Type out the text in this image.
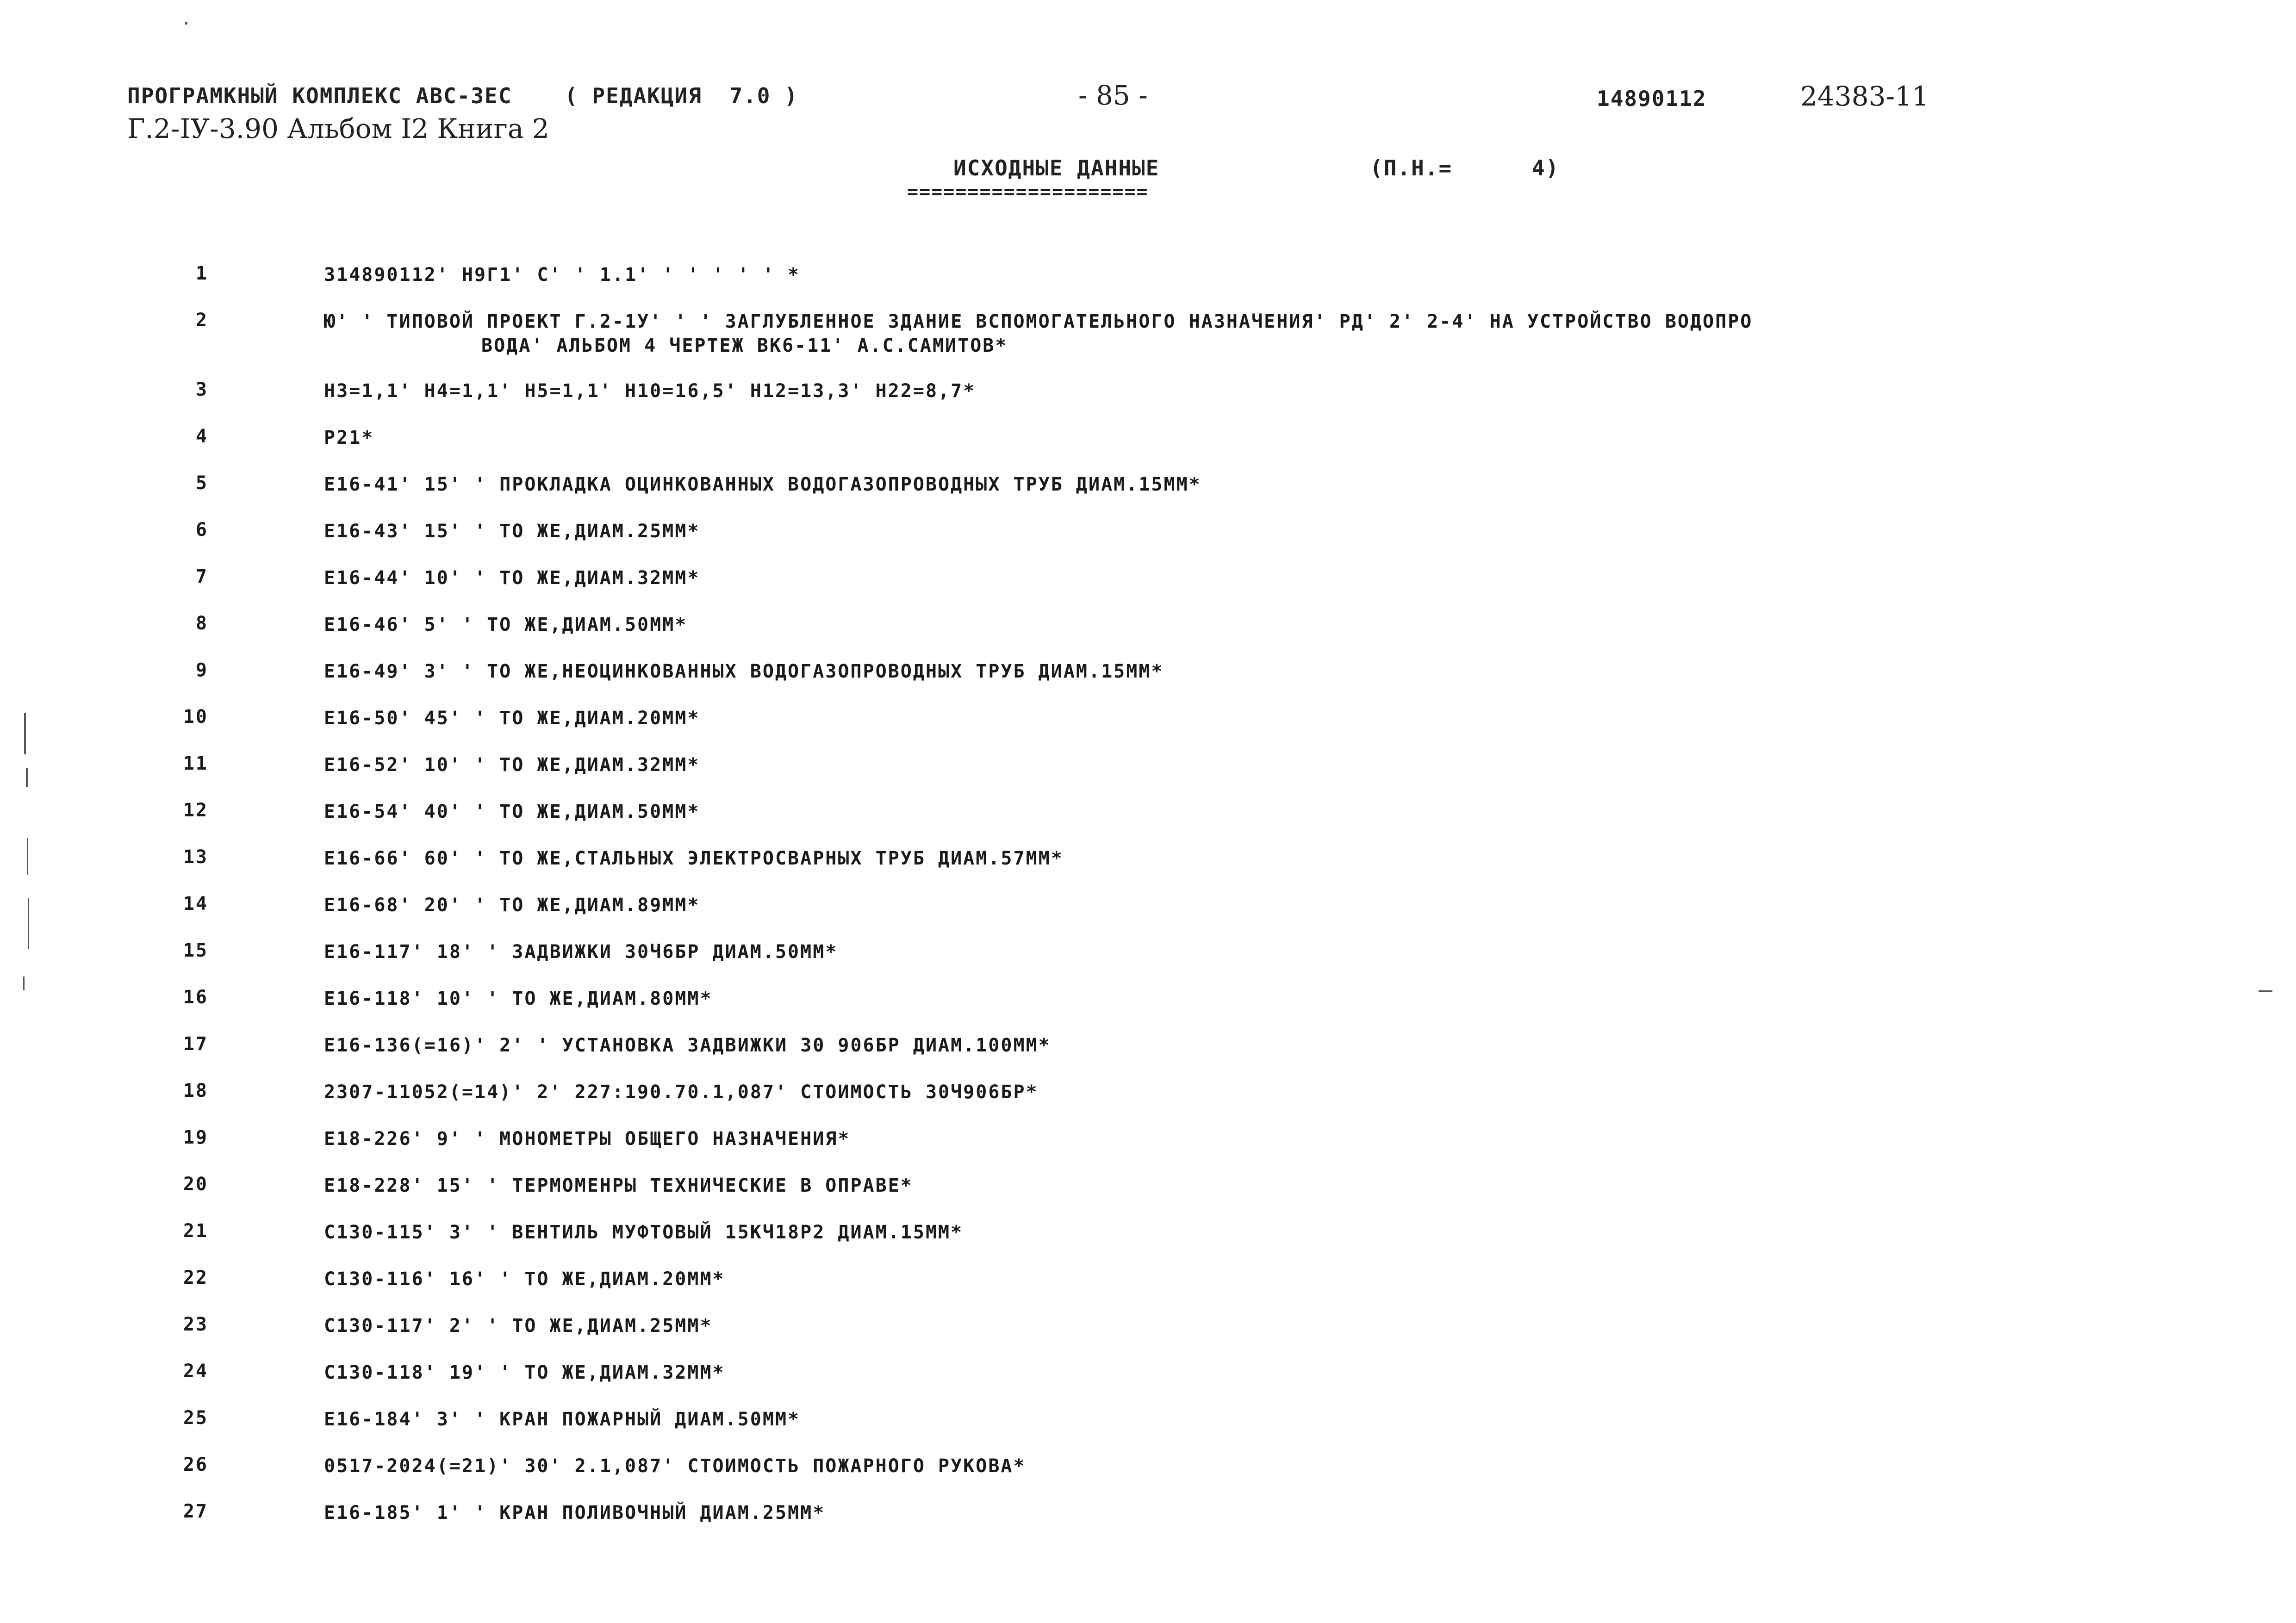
ПРОГРАМКНЫЙ КОМПЛЕКС АВС-ЗЕС ( РЕДАКЦИЯ  7.0 )	- 85 -	14890112	24383-11
Г.2-IУ-3.90 Альбом I2 Книга 2
ИСХОДНЫЕ ДАННЫЕ
====================
(П.Н.=	4)
1	314890112' Н9Г1' С' ' 1.1' ' ' ' ' ' *
2	Ю' ' ТИПОВОЙ ПРОЕКТ Г.2-1У' ' ' ЗАГЛУБЛЕННОЕ ЗДАНИЕ ВСПОМОГАТЕЛЬНОГО НАЗНАЧЕНИЯ' РД' 2' 2-4' НА УСТРОЙСТВО ВОДОПРО
ВОДА' АЛЬБОМ 4 ЧЕРТЕЖ ВК6-11' А.С.САМИТОВ*
3	Н3=1,1' Н4=1,1' Н5=1,1' Н10=16,5' Н12=13,3' Н22=8,7*
4	Р21*
5	Е16-41' 15' ' ПРОКЛАДКА ОЦИНКОВАННЫХ ВОДОГАЗОПРОВОДНЫХ ТРУБ ДИАМ.15ММ*
6	Е16-43' 15' ' ТО ЖЕ,ДИАМ.25ММ*
7	Е16-44' 10' ' ТО ЖЕ,ДИАМ.32ММ*
8	Е16-46' 5' ' ТО ЖЕ,ДИАМ.50ММ*
9	Е16-49' 3' ' ТО ЖЕ,НЕОЦИНКОВАННЫХ ВОДОГАЗОПРОВОДНЫХ ТРУБ ДИАМ.15ММ*
10	Е16-50' 45' ' ТО ЖЕ,ДИАМ.20ММ*
11	Е16-52' 10' ' ТО ЖЕ,ДИАМ.32ММ*
12	Е16-54' 40' ' ТО ЖЕ,ДИАМ.50ММ*
13	Е16-66' 60' ' ТО ЖЕ,СТАЛЬНЫХ ЭЛЕКТРОСВАРНЫХ ТРУБ ДИАМ.57ММ*
14	Е16-68' 20' ' ТО ЖЕ,ДИАМ.89ММ*
15	Е16-117' 18' ' ЗАДВИЖКИ 30Ч6БР ДИАМ.50ММ*
16	Е16-118' 10' ' ТО ЖЕ,ДИАМ.80ММ*
17	Е16-136(=16)' 2' ' УСТАНОВКА ЗАДВИЖКИ 30 906БР ДИАМ.100ММ*
18	2307-11052(=14)' 2' 227:190.70.1,087' СТОИМОСТЬ 30Ч906БР*
19	Е18-226' 9' ' МОНОМЕТРЫ ОБЩЕГО НАЗНАЧЕНИЯ*
20	Е18-228' 15' ' ТЕРМОМЕНРЫ ТЕХНИЧЕСКИЕ В ОПРАВЕ*
21	С130-115' 3' ' ВЕНТИЛЬ МУФТОВЫЙ 15КЧ18Р2 ДИАМ.15ММ*
22	С130-116' 16' ' ТО ЖЕ,ДИАМ.20ММ*
23	С130-117' 2' ' ТО ЖЕ,ДИАМ.25ММ*
24	С130-118' 19' ' ТО ЖЕ,ДИАМ.32ММ*
25	Е16-184' 3' ' КРАН ПОЖАРНЫЙ ДИАМ.50ММ*
26	0517-2024(=21)' 30' 2.1,087' СТОИМОСТЬ ПОЖАРНОГО РУКОВА*
27	Е16-185' 1' ' КРАН ПОЛИВОЧНЫЙ ДИАМ.25ММ*
